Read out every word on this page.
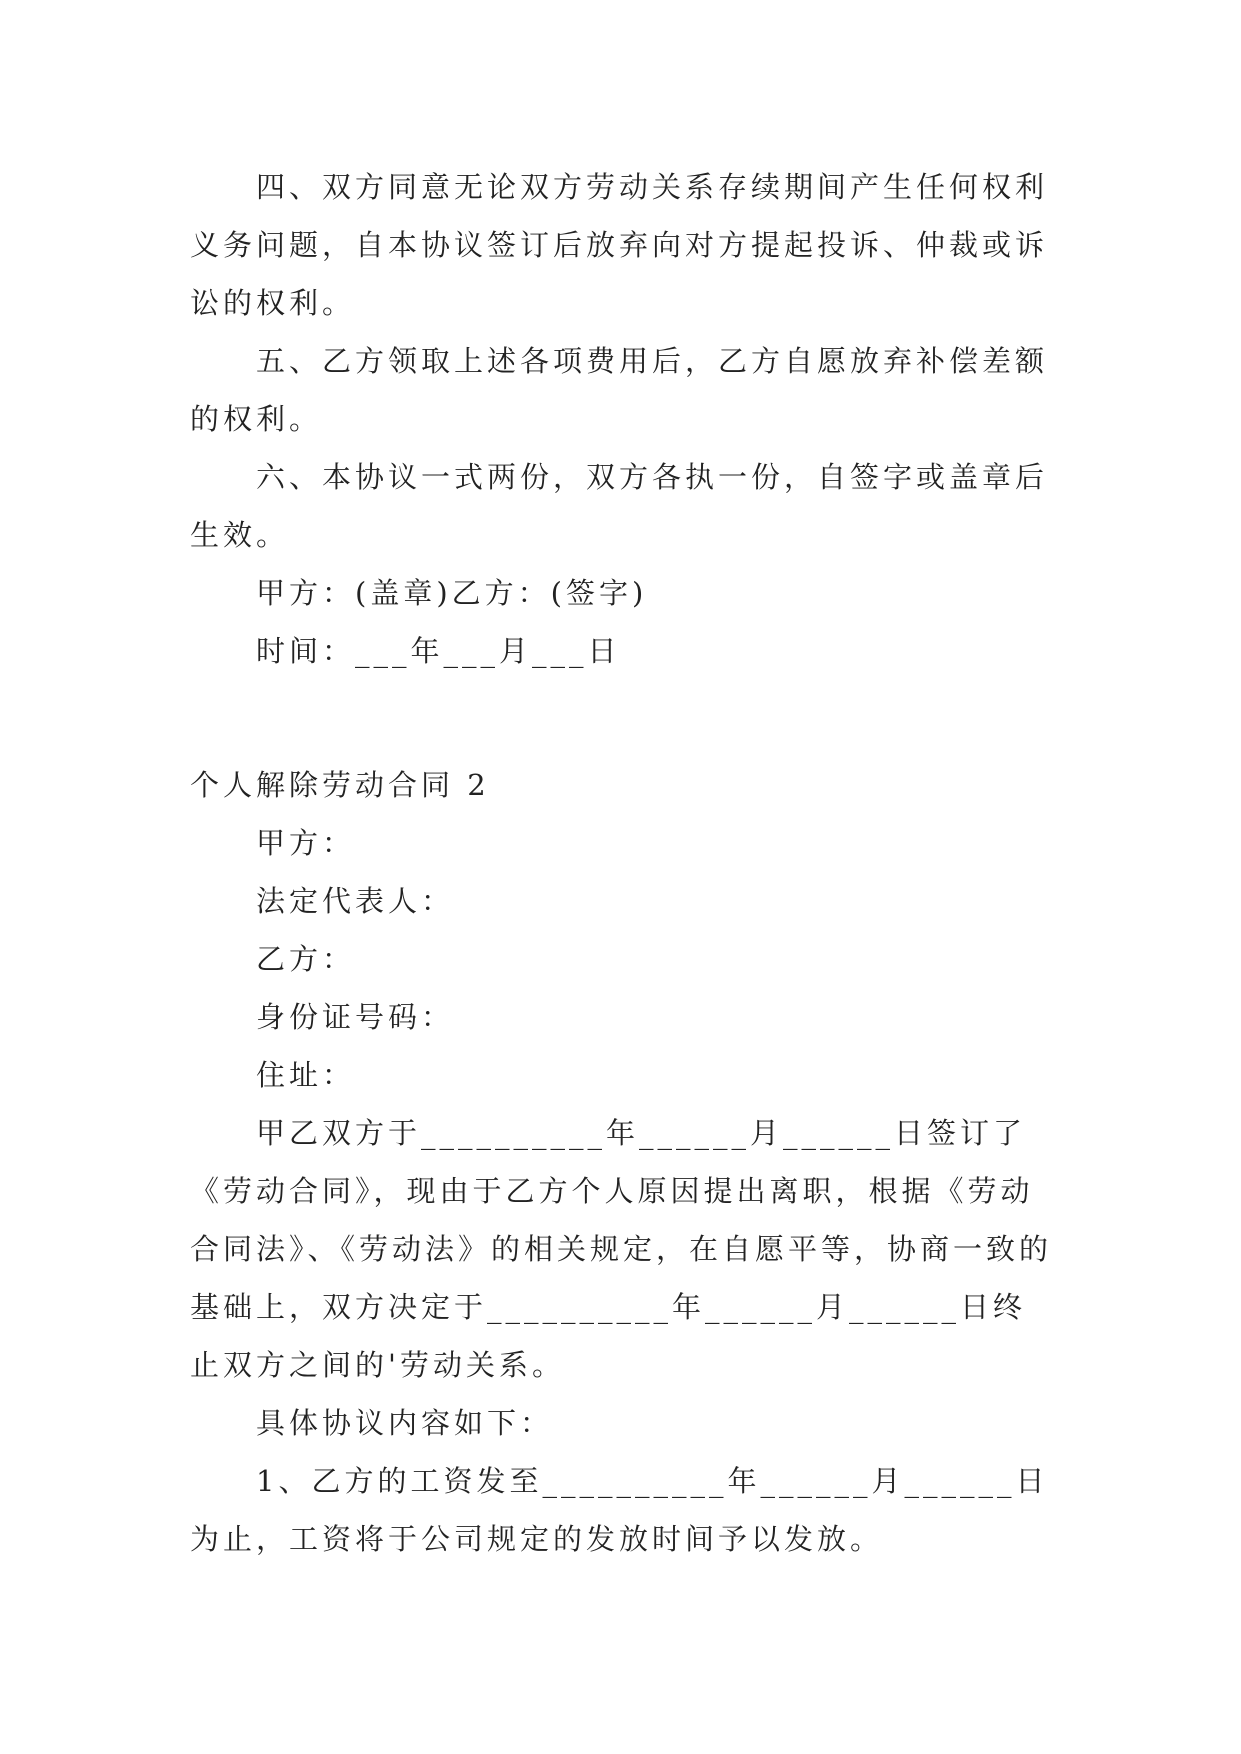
四、双方同意无论双方劳动关系存续期间产生任何权利义务问题，自本协议签订后放弃向对方提起投诉、仲裁或诉讼的权利。

五、乙方领取上述各项费用后，乙方自愿放弃补偿差额的权利。

六、本协议一式两份，双方各执一份，自签字或盖章后生效。

甲方：(盖章)乙方：(签字)

时间：___年___月___日

个人解除劳动合同 2

甲方：

法定代表人：

乙方：

身份证号码：

住址：

甲乙双方于__________年______月______日签订了《劳动合同》，现由于乙方个人原因提出离职，根据《劳动合同法》、《劳动法》的相关规定，在自愿平等，协商一致的基础上，双方决定于__________年______月______日终止双方之间的'劳动关系。

具体协议内容如下：

1、乙方的工资发至__________年______月______日为止，工资将于公司规定的发放时间予以发放。
